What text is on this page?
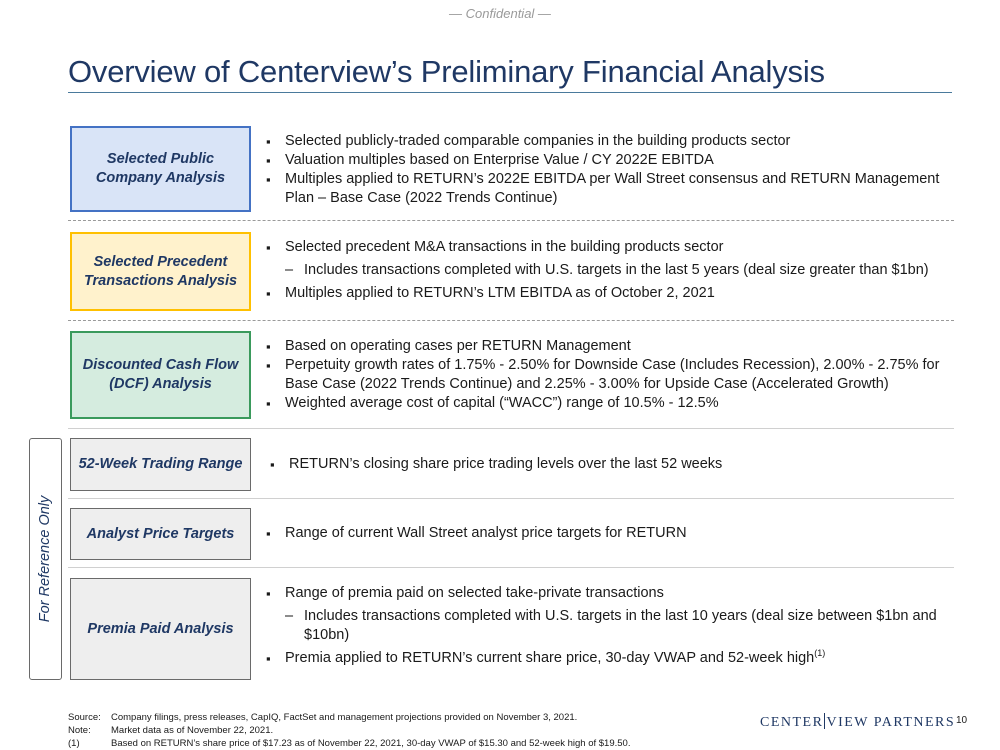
— Confidential —
Overview of Centerview’s Preliminary Financial Analysis
Selected Public Company Analysis
▪ Selected publicly-traded comparable companies in the building products sector
▪ Valuation multiples based on Enterprise Value / CY 2022E EBITDA
▪ Multiples applied to RETURN’s 2022E EBITDA per Wall Street consensus and RETURN Management Plan – Base Case (2022 Trends Continue)
Selected Precedent Transactions Analysis
▪ Selected precedent M&A transactions in the building products sector
– Includes transactions completed with U.S. targets in the last 5 years (deal size greater than $1bn)
▪ Multiples applied to RETURN’s LTM EBITDA as of October 2, 2021
Discounted Cash Flow (DCF) Analysis
▪ Based on operating cases per RETURN Management
▪ Perpetuity growth rates of 1.75% - 2.50% for Downside Case (Includes Recession), 2.00% - 2.75% for Base Case (2022 Trends Continue) and 2.25% - 3.00% for Upside Case (Accelerated Growth)
▪ Weighted average cost of capital (“WACC”) range of 10.5% - 12.5%
For Reference Only
52-Week Trading Range	▪ RETURN’s closing share price trading levels over the last 52 weeks
Analyst Price Targets	▪ Range of current Wall Street analyst price targets for RETURN
Premia Paid Analysis
▪ Range of premia paid on selected take-private transactions
– Includes transactions completed with U.S. targets in the last 10 years (deal size between $1bn and $10bn)
▪ Premia applied to RETURN’s current share price, 30-day VWAP and 52-week high$^{(1)}$
Source:	Company filings, press releases, CapIQ, FactSet and management projections provided on November 3, 2021.
Note:	Market data as of November 22, 2021.
(1)	Based on RETURN’s share price of $17.23 as of November 22, 2021, 30-day VWAP of $15.30 and 52-week high of $19.50.
CENTER VIEW PARTNERS 10
